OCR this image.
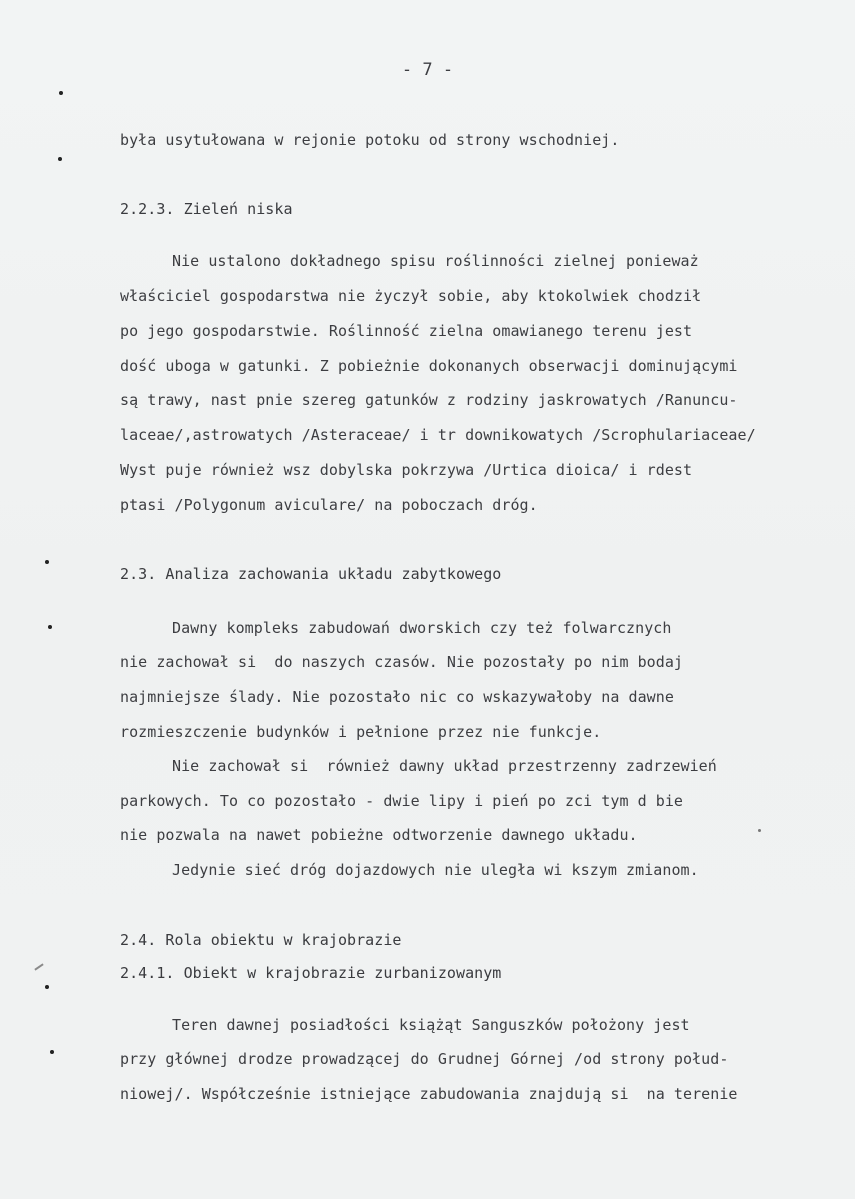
- 7 -
była usytułowana w rejonie potoku od strony wschodniej.
2.2.3. Zieleń niska
Nie ustalono dokładnego spisu roślinności zielnej ponieważ
właściciel gospodarstwa nie życzył sobie, aby ktokolwiek chodził
po jego gospodarstwie. Roślinność zielna omawianego terenu jest
dość uboga w gatunki. Z pobieżnie dokonanych obserwacji dominującymi
są trawy, nast pnie szereg gatunków z rodziny jaskrowatych /Ranuncu-
laceae/,astrowatych /Asteraceae/ i tr downikowatych /Scrophulariaceae/
Wyst puje również wsz dobylska pokrzywa /Urtica dioica/ i rdest
ptasi /Polygonum aviculare/ na poboczach dróg.
2.3. Analiza zachowania układu zabytkowego
Dawny kompleks zabudowań dworskich czy też folwarcznych
nie zachował si  do naszych czasów. Nie pozostały po nim bodaj
najmniejsze ślady. Nie pozostało nic co wskazywałoby na dawne
rozmieszczenie budynków i pełnione przez nie funkcje.
Nie zachował si  również dawny układ przestrzenny zadrzewień
parkowych. To co pozostało - dwie lipy i pień po zci tym d bie
nie pozwala na nawet pobieżne odtworzenie dawnego układu.
Jedynie sieć dróg dojazdowych nie uległa wi kszym zmianom.
2.4. Rola obiektu w krajobrazie
2.4.1. Obiekt w krajobrazie zurbanizowanym
Teren dawnej posiadłości książąt Sanguszków położony jest
przy głównej drodze prowadzącej do Grudnej Górnej /od strony połud-
niowej/. Współcześnie istniejące zabudowania znajdują si  na terenie
